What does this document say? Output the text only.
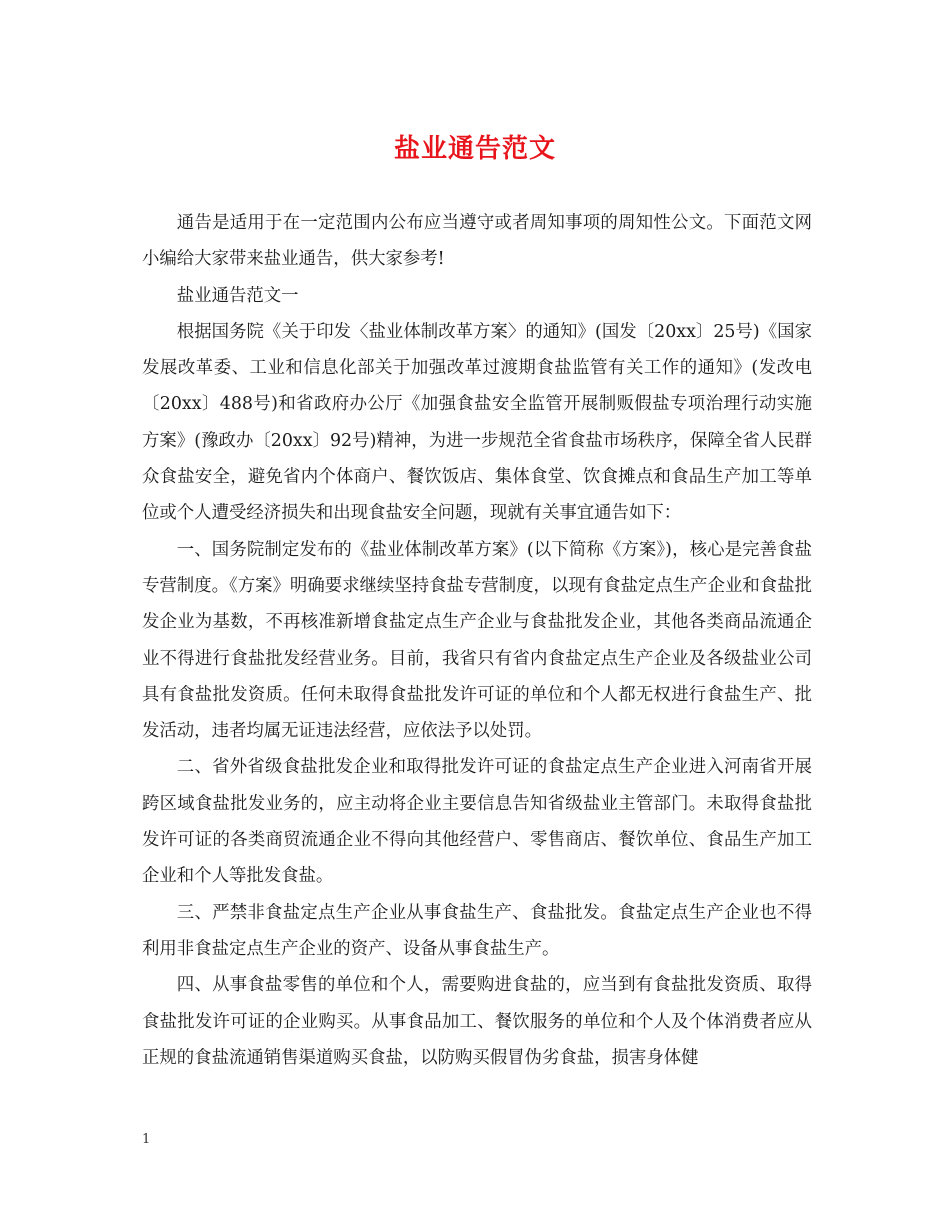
盐业通告范文

通告是适用于在一定范围内公布应当遵守或者周知事项的周知性公文。下面范文网小编给大家带来盐业通告，供大家参考!

盐业通告范文一

根据国务院《关于印发〈盐业体制改革方案〉的通知》(国发〔20xx〕25号)《国家发展改革委、工业和信息化部关于加强改革过渡期食盐监管有关工作的通知》(发改电〔20xx〕488号)和省政府办公厅《加强食盐安全监管开展制贩假盐专项治理行动实施方案》(豫政办〔20xx〕92号)精神，为进一步规范全省食盐市场秩序，保障全省人民群众食盐安全，避免省内个体商户、餐饮饭店、集体食堂、饮食摊点和食品生产加工等单位或个人遭受经济损失和出现食盐安全问题，现就有关事宜通告如下：

一、国务院制定发布的《盐业体制改革方案》(以下简称《方案》)，核心是完善食盐专营制度。《方案》明确要求继续坚持食盐专营制度，以现有食盐定点生产企业和食盐批发企业为基数，不再核准新增食盐定点生产企业与食盐批发企业，其他各类商品流通企业不得进行食盐批发经营业务。目前，我省只有省内食盐定点生产企业及各级盐业公司具有食盐批发资质。任何未取得食盐批发许可证的单位和个人都无权进行食盐生产、批发活动，违者均属无证违法经营，应依法予以处罚。

二、省外省级食盐批发企业和取得批发许可证的食盐定点生产企业进入河南省开展跨区域食盐批发业务的，应主动将企业主要信息告知省级盐业主管部门。未取得食盐批发许可证的各类商贸流通企业不得向其他经营户、零售商店、餐饮单位、食品生产加工企业和个人等批发食盐。

三、严禁非食盐定点生产企业从事食盐生产、食盐批发。食盐定点生产企业也不得利用非食盐定点生产企业的资产、设备从事食盐生产。

四、从事食盐零售的单位和个人，需要购进食盐的，应当到有食盐批发资质、取得食盐批发许可证的企业购买。从事食品加工、餐饮服务的单位和个人及个体消费者应从正规的食盐流通销售渠道购买食盐，以防购买假冒伪劣食盐，损害身体健

1
